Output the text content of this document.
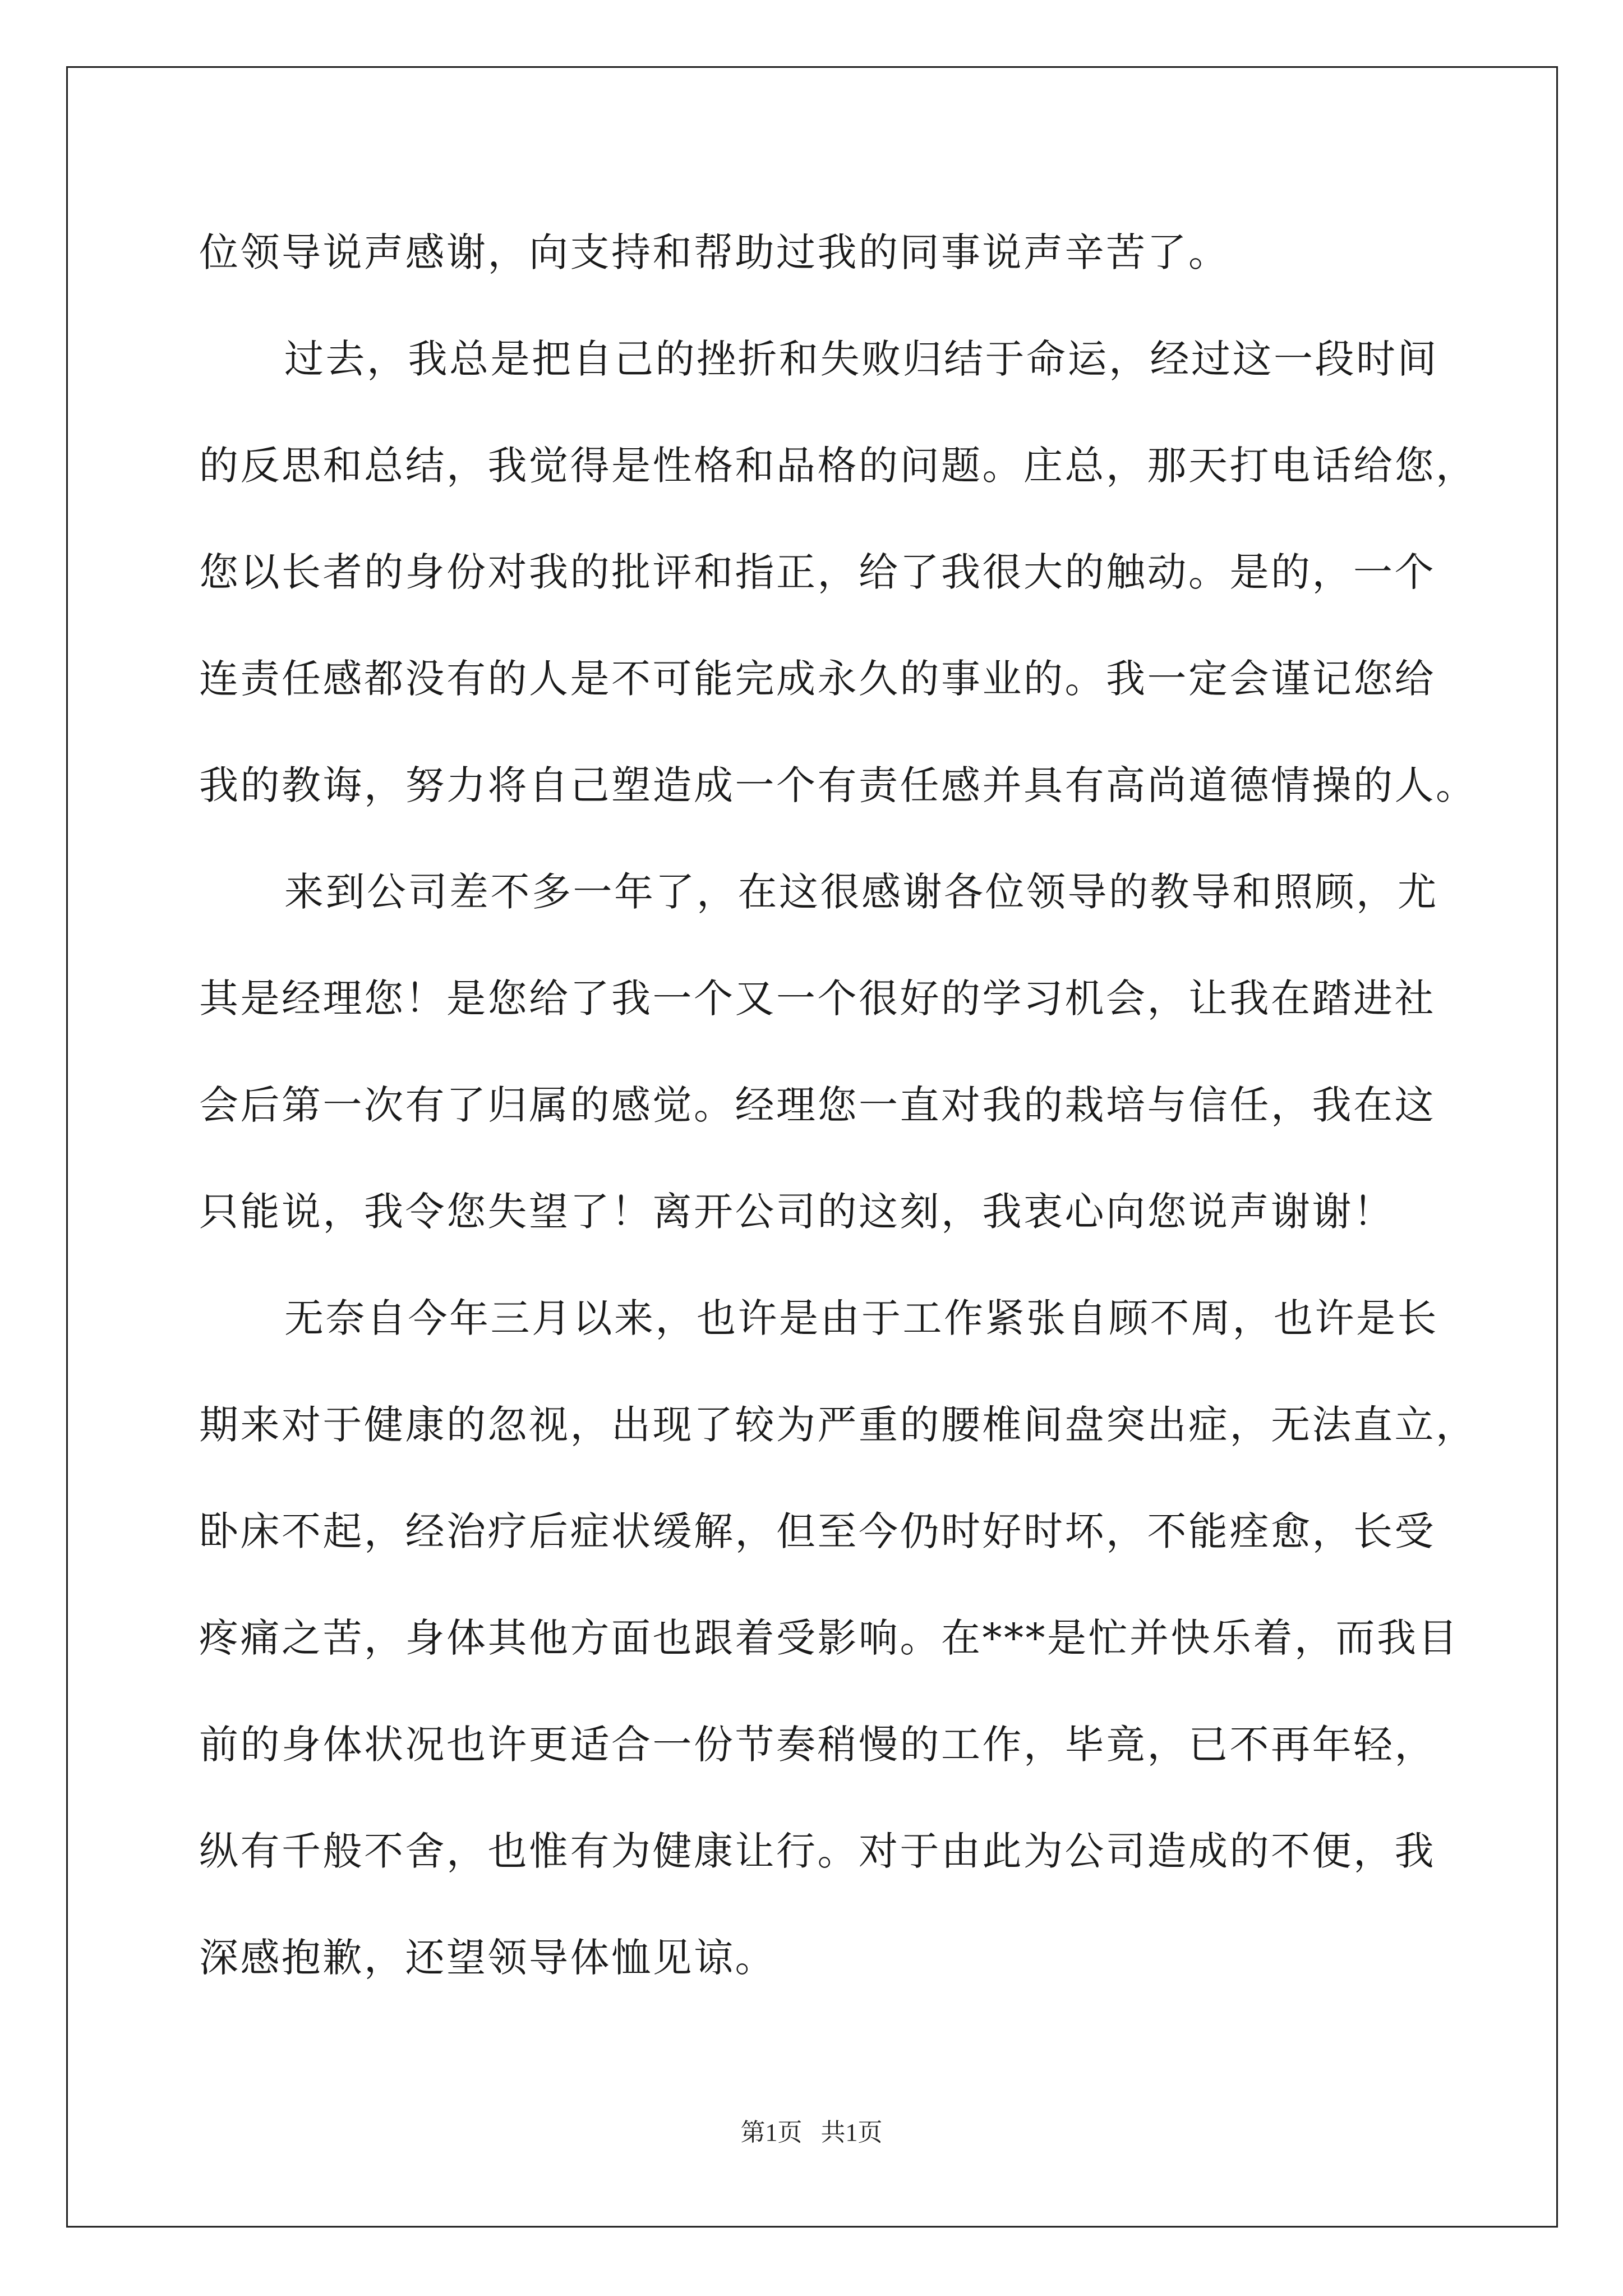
位领导说声感谢，向支持和帮助过我的同事说声辛苦了。
过去，我总是把自己的挫折和失败归结于命运，经过这一段时间
的反思和总结，我觉得是性格和品格的问题。庄总，那天打电话给您，
您以长者的身份对我的批评和指正，给了我很大的触动。是的，一个
连责任感都没有的人是不可能完成永久的事业的。我一定会谨记您给
我的教诲，努力将自己塑造成一个有责任感并具有高尚道德情操的人。
来到公司差不多一年了，在这很感谢各位领导的教导和照顾，尤
其是经理您！是您给了我一个又一个很好的学习机会，让我在踏进社
会后第一次有了归属的感觉。经理您一直对我的栽培与信任，我在这
只能说，我令您失望了！离开公司的这刻，我衷心向您说声谢谢！
无奈自今年三月以来，也许是由于工作紧张自顾不周，也许是长
期来对于健康的忽视，出现了较为严重的腰椎间盘突出症，无法直立，
卧床不起，经治疗后症状缓解，但至今仍时好时坏，不能痊愈，长受
疼痛之苦，身体其他方面也跟着受影响。在***是忙并快乐着，而我目
前的身体状况也许更适合一份节奏稍慢的工作，毕竟，已不再年轻，
纵有千般不舍，也惟有为健康让行。对于由此为公司造成的不便，我
深感抱歉，还望领导体恤见谅。
第1页   共1页
